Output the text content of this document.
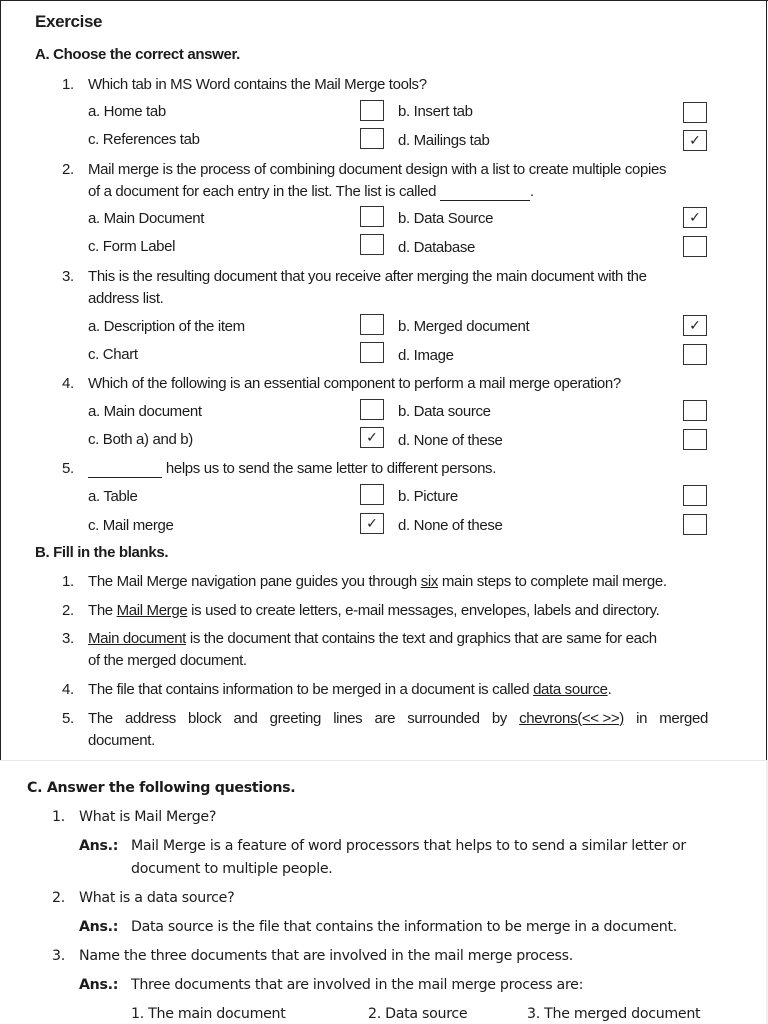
Exercise
A. Choose the correct answer.
1. Which tab in MS Word contains the Mail Merge tools?
a. Home tab	b. Insert tab
c. References tab	d. Mailings tab	✓
2. Mail merge is the process of combining document design with a list to create multiple copies
of a document for each entry in the list. The list is called	.
a. Main Document	b. Data Source	✓
c. Form Label	d. Database
3. This is the resulting document that you receive after merging the main document with the
address list.
a. Description of the item	b. Merged document	✓
c. Chart	d. Image
4. Which of the following is an essential component to perform a mail merge operation?
a. Main document	b. Data source
c. Both a) and b)	✓	d. None of these
5.	helps us to send the same letter to different persons.
a. Table	b. Picture
c. Mail merge	✓	d. None of these
B. Fill in the blanks.
1. The Mail Merge navigation pane guides you through six main steps to complete mail merge.
2. The Mail Merge is used to create letters, e-mail messages, envelopes, labels and directory.
3. Main document is the document that contains the text and graphics that are same for each
of the merged document.
4. The file that contains information to be merged in a document is called data source.
5. The address block and greeting lines are surrounded by chevrons(<< >>) in merged
document.
C. Answer the following questions.
1. What is Mail Merge?
Ans.: Mail Merge is a feature of word processors that helps to to send a similar letter or
document to multiple people.
2. What is a data source?
Ans.: Data source is the file that contains the information to be merge in a document.
3. Name the three documents that are involved in the mail merge process.
Ans.: Three documents that are involved in the mail merge process are:
1. The main document	2. Data source	3. The merged document
